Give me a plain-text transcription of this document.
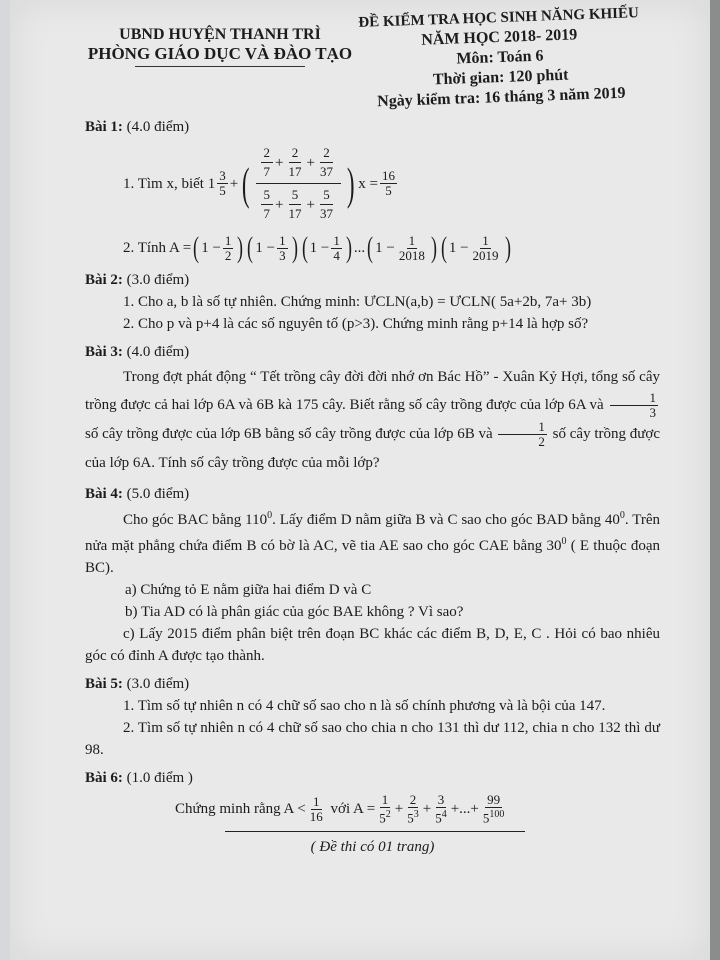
UBND HUYỆN THANH TRÌ
PHÒNG GIÁO DỤC VÀ ĐÀO TẠO
ĐỀ KIỂM TRA HỌC SINH NĂNG KHIẾU
NĂM HỌC 2018- 2019
Môn: Toán 6
Thời gian: 120 phút
Ngày kiểm tra: 16 tháng 3 năm 2019
Bài 1: (4.0 điểm)
1. Tìm x, biết
$1 \frac{3}{5}$ + ( $\frac{\frac{2}{7} + \frac{2}{17} + \frac{2}{37}}{\frac{5}{7} + \frac{5}{17} + \frac{5}{37}}$ ) $x = \frac{16}{5}$
2. Tính A = ( $1 - \frac{1}{2}$ ) ( $1 - \frac{1}{3}$ ) ( $1 - \frac{1}{4}$ ) ... ( $1 - \frac{1}{2018}$ ) ( $1 - \frac{1}{2019}$ )
Bài 2: (3.0 điểm)
1. Cho a, b là số tự nhiên. Chứng minh: ƯCLN(a,b) = ƯCLN( 5a+2b, 7a+ 3b)
2. Cho p và p+4 là các số nguyên tố (p>3). Chứng minh rằng p+14 là hợp số?
Bài 3: (4.0 điểm)
Trong đợt phát động “ Tết trồng cây đời đời nhớ ơn Bác Hồ” - Xuân Kỷ Hợi, tổng số cây trồng được cả hai lớp 6A và 6B kà 175 cây. Biết rằng số cây trồng được của lớp 6A và $\frac{1}{3}$
số cây trồng được của lớp 6B bằng số cây trồng được của lớp 6B và $\frac{1}{2}$ số cây trồng được của lớp 6A. Tính số cây trồng được của mỗi lớp?
Bài 4: (5.0 điểm)
Cho góc BAC bằng $110^0$. Lấy điểm D nằm giữa B và C sao cho góc BAD bằng $40^0$. Trên nửa mặt phẳng chứa điểm B có bờ là AC, vẽ tia AE sao cho góc CAE bằng $30^0$ ( E thuộc đoạn BC).
a) Chứng tỏ E nằm giữa hai điểm D và C
b) Tia AD có là phân giác của góc BAE không ? Vì sao?
c) Lấy 2015 điểm phân biệt trên đoạn BC khác các điểm B, D, E, C . Hỏi có bao nhiêu góc có đỉnh A được tạo thành.
Bài 5: (3.0 điểm)
1. Tìm số tự nhiên n có 4 chữ số sao cho n là số chính phương và là bội của 147.
2. Tìm số tự nhiên n có 4 chữ số sao cho chia n cho 131 thì dư 112, chia n cho 132 thì dư 98.
Bài 6: (1.0 điểm )
Chứng minh rằng $A < \frac{1}{16}$
với $A = \frac{1}{5^2} + \frac{2}{5^3} + \frac{3}{5^4}$ +...+ $\frac{99}{5^{100}}$
( Đề thi có 01 trang)
